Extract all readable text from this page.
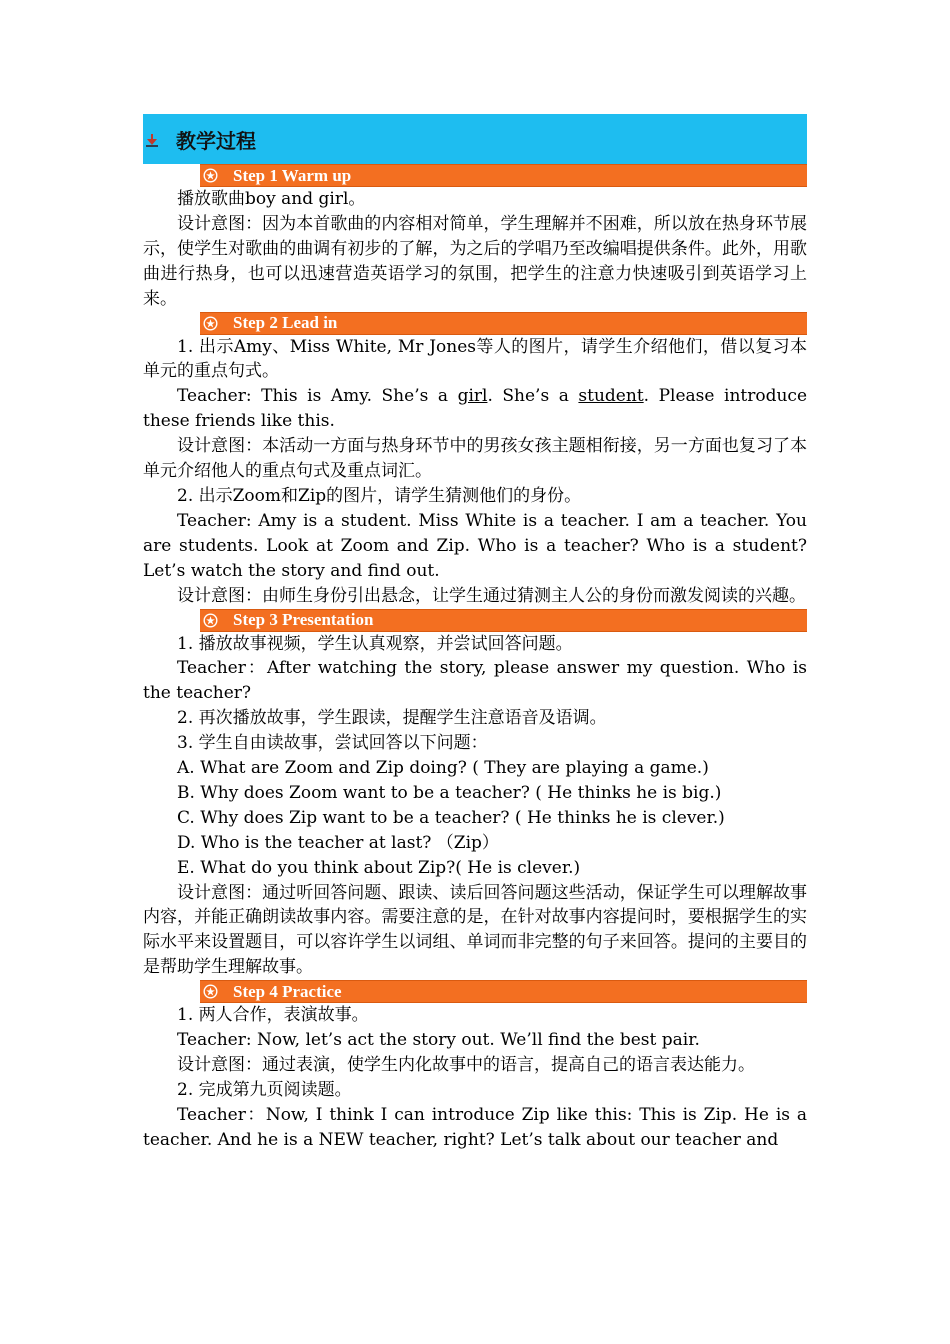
教学过程
Step 1 Warm up

播放歌曲boy and girl。

设计意图：因为本首歌曲的内容相对简单，学生理解并不困难，所以放在热身环节展示，使学生对歌曲的曲调有初步的了解，为之后的学唱乃至改编唱提供条件。此外，用歌曲进行热身，也可以迅速营造英语学习的氛围，把学生的注意力快速吸引到英语学习上来。

Step 2 Lead in

1. 出示Amy、Miss White, Mr Jones等人的图片，请学生介绍他们，借以复习本单元的重点句式。

Teacher: This is Amy. She’s a girl. She’s a student. Please introduce these friends like this.

设计意图：本活动一方面与热身环节中的男孩女孩主题相衔接，另一方面也复习了本单元介绍他人的重点句式及重点词汇。

2. 出示Zoom和Zip的图片，请学生猜测他们的身份。

Teacher: Amy is a student. Miss White is a teacher. I am a teacher. You are students. Look at Zoom and Zip. Who is a teacher? Who is a student? Let’s watch the story and find out.

设计意图：由师生身份引出悬念，让学生通过猜测主人公的身份而激发阅读的兴趣。

Step 3 Presentation

1. 播放故事视频，学生认真观察，并尝试回答问题。

Teacher：After watching the story, please answer my question. Who is the teacher?

2. 再次播放故事，学生跟读，提醒学生注意语音及语调。

3. 学生自由读故事，尝试回答以下问题：

A. What are Zoom and Zip doing? ( They are playing a game.)

B. Why does Zoom want to be a teacher? ( He thinks he is big.)

C. Why does Zip want to be a teacher? ( He thinks he is clever.)

D. Who is the teacher at last? （Zip）

E. What do you think about Zip?( He is clever.)

设计意图：通过听回答问题、跟读、读后回答问题这些活动，保证学生可以理解故事内容，并能正确朗读故事内容。需要注意的是，在针对故事内容提问时，要根据学生的实际水平来设置题目，可以容许学生以词组、单词而非完整的句子来回答。提问的主要目的是帮助学生理解故事。

Step 4 Practice

1. 两人合作，表演故事。

Teacher: Now, let’s act the story out. We’ll find the best pair.

设计意图：通过表演，使学生内化故事中的语言，提高自己的语言表达能力。

2. 完成第九页阅读题。

Teacher：Now, I think I can introduce Zip like this: This is Zip. He is a teacher. And he is a NEW teacher, right? Let’s talk about our teacher and
